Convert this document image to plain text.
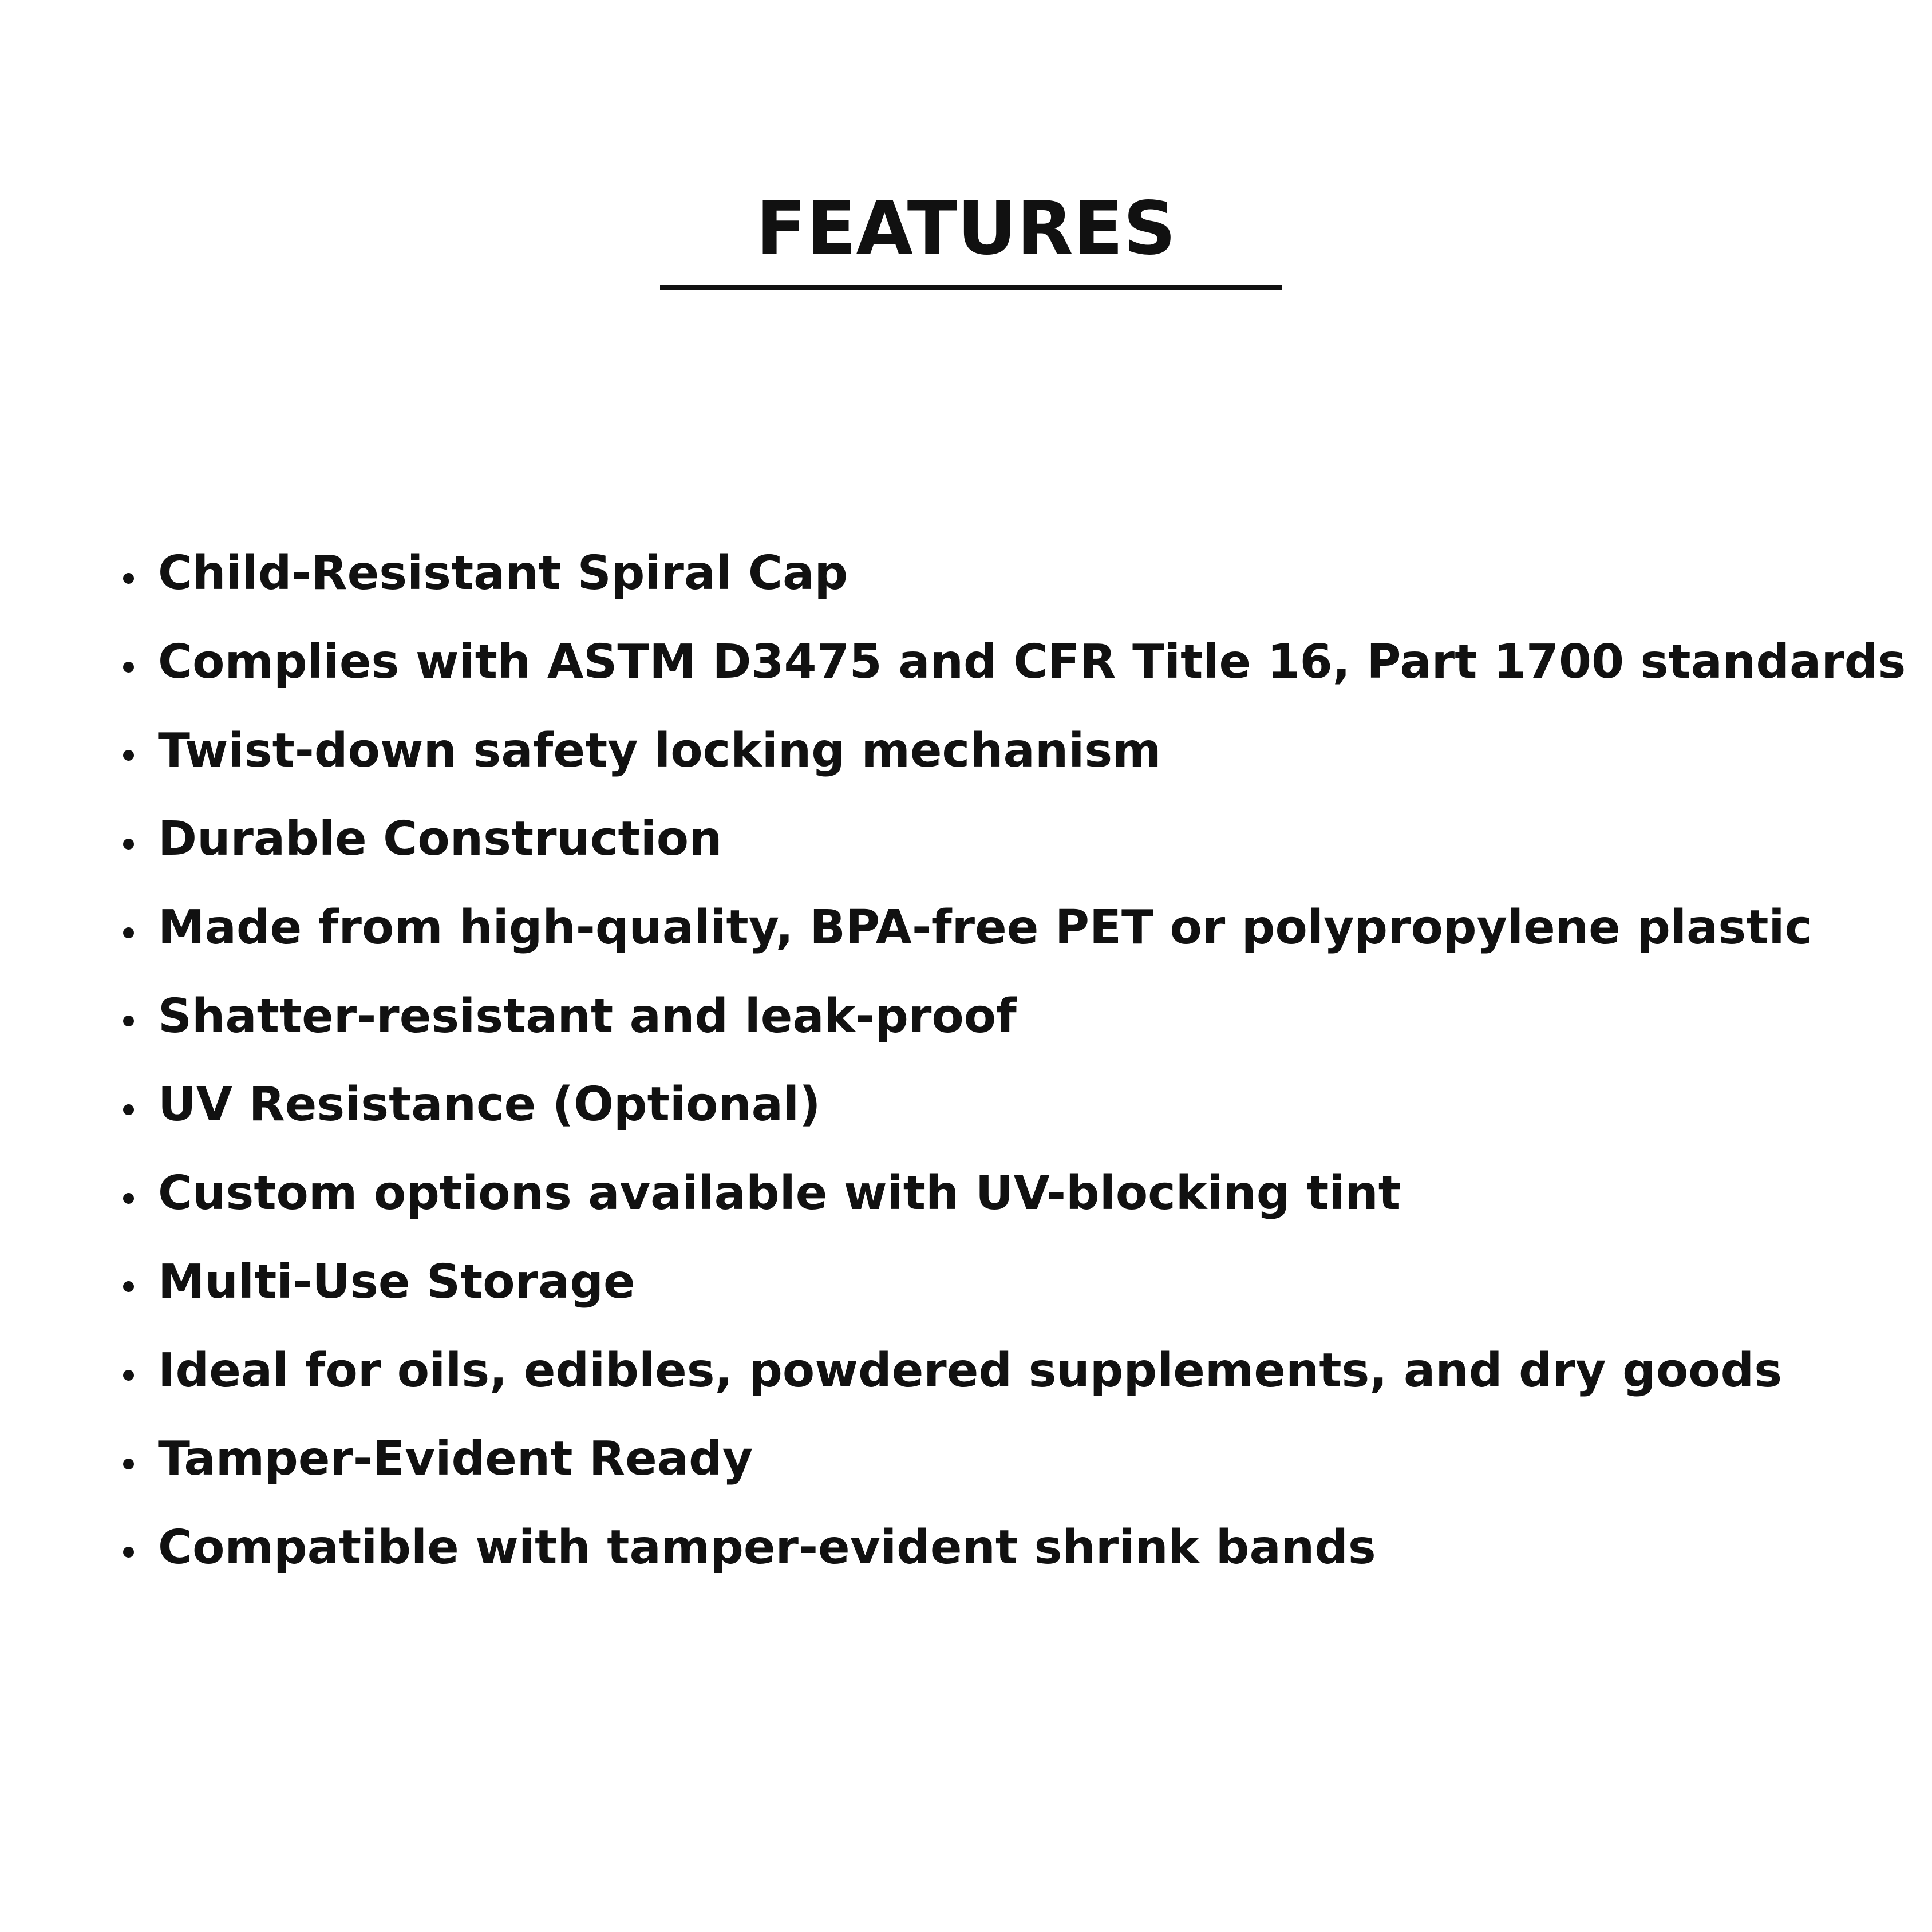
FEATURES
Child-Resistant Spiral Cap
Complies with ASTM D3475 and CFR Title 16, Part 1700 standards
Twist-down safety locking mechanism
Durable Construction
Made from high-quality, BPA-free PET or polypropylene plastic
Shatter-resistant and leak-proof
UV Resistance (Optional)
Custom options available with UV-blocking tint
Multi-Use Storage
Ideal for oils, edibles, powdered supplements, and dry goods
Tamper-Evident Ready
Compatible with tamper-evident shrink bands
